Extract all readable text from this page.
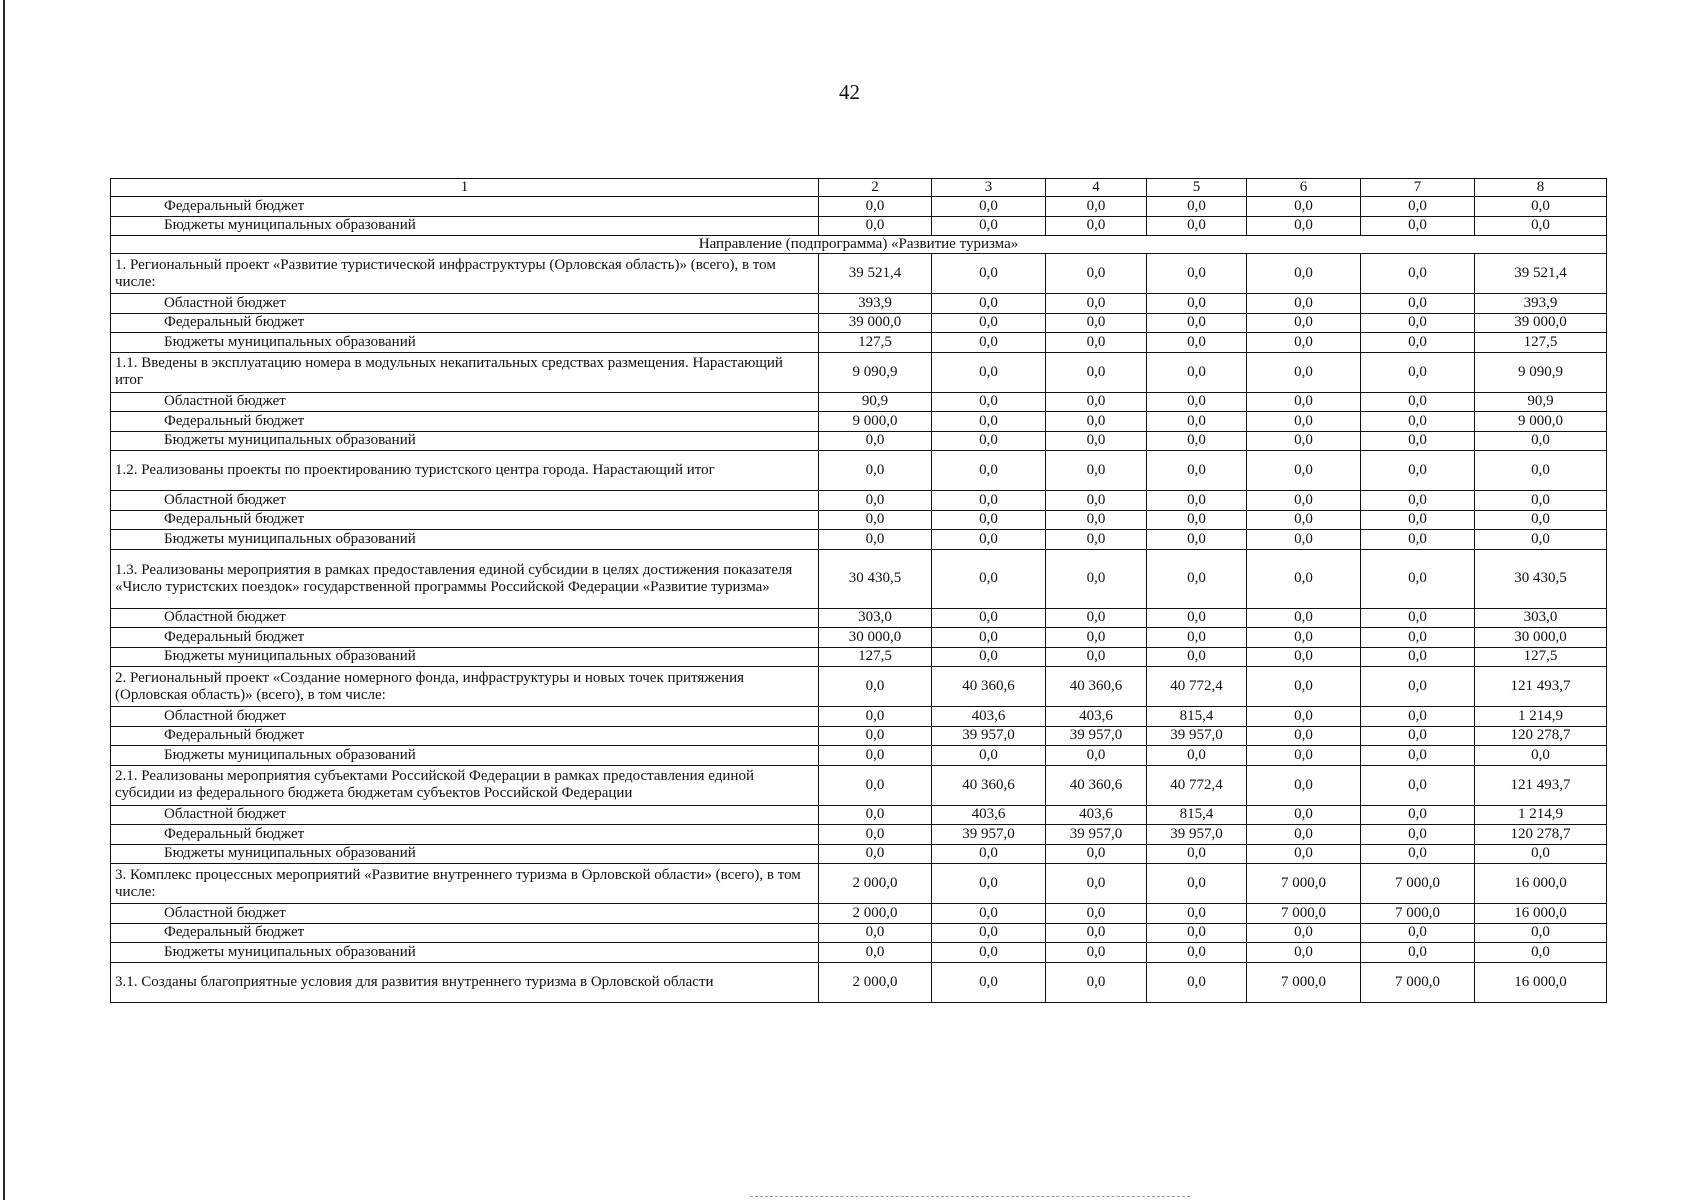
42
1	2	3	4	5	6	7	8
Федеральный бюджет	0,0	0,0	0,0	0,0	0,0	0,0	0,0
Бюджеты муниципальных образований	0,0	0,0	0,0	0,0	0,0	0,0	0,0
Направление (подпрограмма) «Развитие туризма»							
1. Региональный проект «Развитие туристической инфраструктуры (Орловская область)» (всего), в том числе:	39 521,4	0,0	0,0	0,0	0,0	0,0	39 521,4
Областной бюджет	393,9	0,0	0,0	0,0	0,0	0,0	393,9
Федеральный бюджет	39 000,0	0,0	0,0	0,0	0,0	0,0	39 000,0
Бюджеты муниципальных образований	127,5	0,0	0,0	0,0	0,0	0,0	127,5
1.1. Введены в эксплуатацию номера в модульных некапитальных средствах размещения. Нарастающий итог	9 090,9	0,0	0,0	0,0	0,0	0,0	9 090,9
Областной бюджет	90,9	0,0	0,0	0,0	0,0	0,0	90,9
Федеральный бюджет	9 000,0	0,0	0,0	0,0	0,0	0,0	9 000,0
Бюджеты муниципальных образований	0,0	0,0	0,0	0,0	0,0	0,0	0,0
1.2. Реализованы проекты по проектированию туристского центра города. Нарастающий итог	0,0	0,0	0,0	0,0	0,0	0,0	0,0
Областной бюджет	0,0	0,0	0,0	0,0	0,0	0,0	0,0
Федеральный бюджет	0,0	0,0	0,0	0,0	0,0	0,0	0,0
Бюджеты муниципальных образований	0,0	0,0	0,0	0,0	0,0	0,0	0,0
1.3. Реализованы мероприятия в рамках предоставления единой субсидии в целях достижения показателя «Число туристских поездок» государственной программы Российской Федерации «Развитие туризма»	30 430,5	0,0	0,0	0,0	0,0	0,0	30 430,5
Областной бюджет	303,0	0,0	0,0	0,0	0,0	0,0	303,0
Федеральный бюджет	30 000,0	0,0	0,0	0,0	0,0	0,0	30 000,0
Бюджеты муниципальных образований	127,5	0,0	0,0	0,0	0,0	0,0	127,5
2. Региональный проект «Создание номерного фонда, инфраструктуры и новых точек притяжения (Орловская область)» (всего), в том числе:	0,0	40 360,6	40 360,6	40 772,4	0,0	0,0	121 493,7
Областной бюджет	0,0	403,6	403,6	815,4	0,0	0,0	1 214,9
Федеральный бюджет	0,0	39 957,0	39 957,0	39 957,0	0,0	0,0	120 278,7
Бюджеты муниципальных образований	0,0	0,0	0,0	0,0	0,0	0,0	0,0
2.1. Реализованы мероприятия субъектами Российской Федерации в рамках предоставления единой субсидии из федерального бюджета бюджетам субъектов Российской Федерации	0,0	40 360,6	40 360,6	40 772,4	0,0	0,0	121 493,7
Областной бюджет	0,0	403,6	403,6	815,4	0,0	0,0	1 214,9
Федеральный бюджет	0,0	39 957,0	39 957,0	39 957,0	0,0	0,0	120 278,7
Бюджеты муниципальных образований	0,0	0,0	0,0	0,0	0,0	0,0	0,0
3. Комплекс процессных мероприятий «Развитие внутреннего туризма в Орловской области» (всего), в том числе:	2 000,0	0,0	0,0	0,0	7 000,0	7 000,0	16 000,0
Областной бюджет	2 000,0	0,0	0,0	0,0	7 000,0	7 000,0	16 000,0
Федеральный бюджет	0,0	0,0	0,0	0,0	0,0	0,0	0,0
Бюджеты муниципальных образований	0,0	0,0	0,0	0,0	0,0	0,0	0,0
3.1. Созданы благоприятные условия для развития внутреннего туризма в Орловской области	2 000,0	0,0	0,0	0,0	7 000,0	7 000,0	16 000,0
